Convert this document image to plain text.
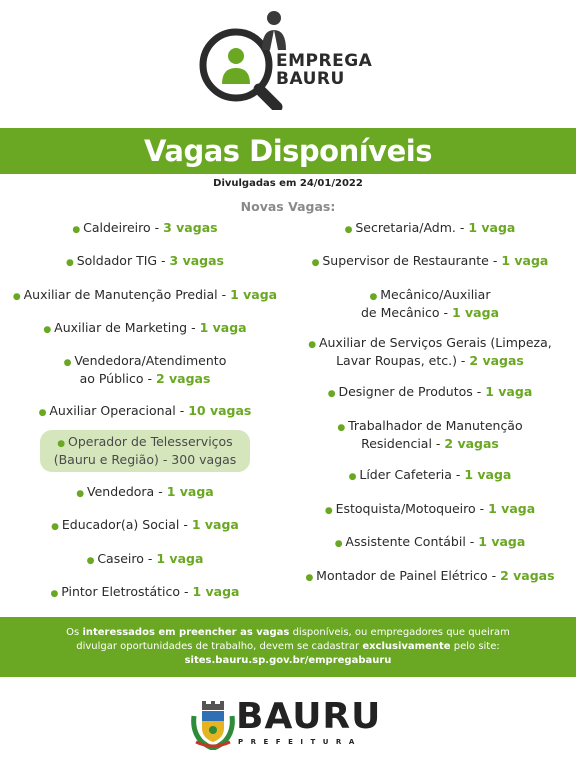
EMPREGA
BAURU
Vagas Disponíveis
Divulgadas em 24/01/2022
Novas Vagas:
● Caldeireiro - 3 vagas
● Soldador TIG - 3 vagas
● Auxiliar de Manutenção Predial - 1 vaga
● Auxiliar de Marketing - 1 vaga
● Vendedora/Atendimento
ao Público - 2 vagas
● Auxiliar Operacional - 10 vagas
● Operador de Telesserviços
(Bauru e Região) - 300 vagas
● Vendedora - 1 vaga
● Educador(a) Social - 1 vaga
● Caseiro - 1 vaga
● Pintor Eletrostático - 1 vaga
● Secretaria/Adm. - 1 vaga
● Supervisor de Restaurante - 1 vaga
● Mecânico/Auxiliar
de Mecânico - 1 vaga
● Auxiliar de Serviços Gerais (Limpeza,
Lavar Roupas, etc.) - 2 vagas
● Designer de Produtos - 1 vaga
● Trabalhador de Manutenção
Residencial - 2 vagas
● Líder Cafeteria - 1 vaga
● Estoquista/Motoqueiro - 1 vaga
● Assistente Contábil - 1 vaga
● Montador de Painel Elétrico - 2 vagas
Os interessados em preencher as vagas disponíveis, ou empregadores que queiram
divulgar oportunidades de trabalho, devem se cadastrar exclusivamente pelo site:
sites.bauru.sp.gov.br/empregabauru
BAURU
PREFEITURA
